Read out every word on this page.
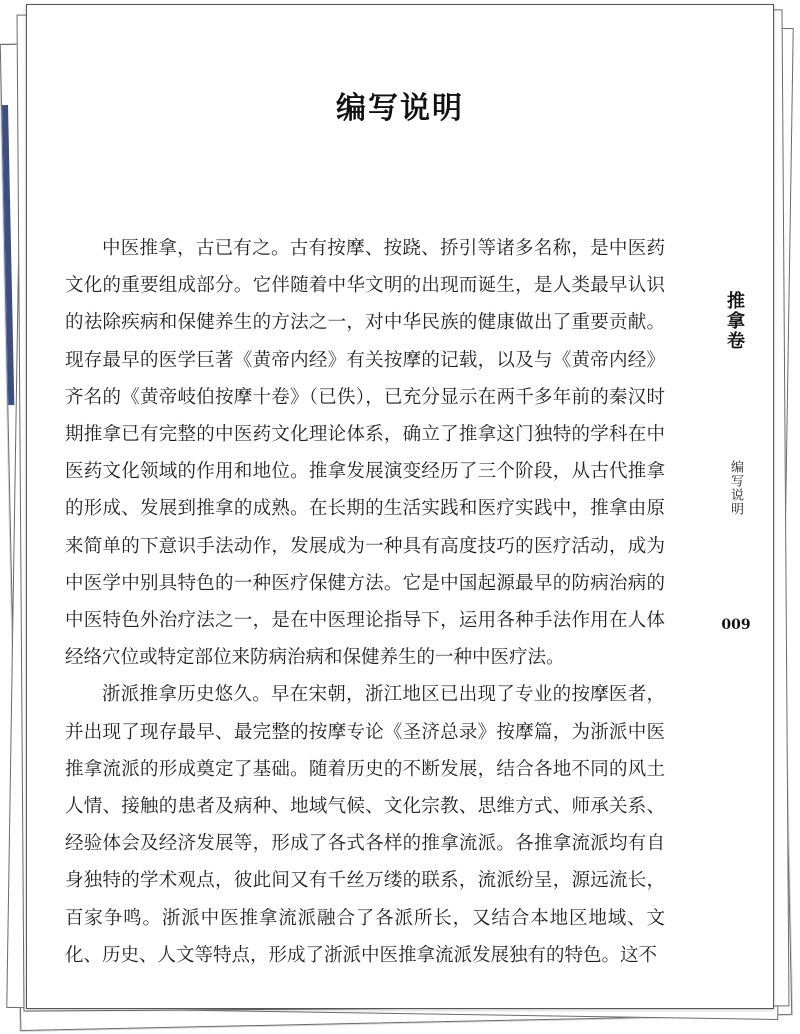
编写说明

中医推拿，古已有之。古有按摩、按跷、挢引等诸多名称，是中医药文化的重要组成部分。它伴随着中华文明的出现而诞生，是人类最早认识的祛除疾病和保健养生的方法之一，对中华民族的健康做出了重要贡献。现存最早的医学巨著《黄帝内经》有关按摩的记载，以及与《黄帝内经》齐名的《黄帝岐伯按摩十卷》（已佚），已充分显示在两千多年前的秦汉时期推拿已有完整的中医药文化理论体系，确立了推拿这门独特的学科在中医药文化领域的作用和地位。推拿发展演变经历了三个阶段，从古代推拿的形成、发展到推拿的成熟。在长期的生活实践和医疗实践中，推拿由原来简单的下意识手法动作，发展成为一种具有高度技巧的医疗活动，成为中医学中别具特色的一种医疗保健方法。它是中国起源最早的防病治病的中医特色外治疗法之一，是在中医理论指导下，运用各种手法作用在人体经络穴位或特定部位来防病治病和保健养生的一种中医疗法。

浙派推拿历史悠久。早在宋朝，浙江地区已出现了专业的按摩医者，并出现了现存最早、最完整的按摩专论《圣济总录》按摩篇，为浙派中医推拿流派的形成奠定了基础。随着历史的不断发展，结合各地不同的风土人情、接触的患者及病种、地域气候、文化宗教、思维方式、师承关系、经验体会及经济发展等，形成了各式各样的推拿流派。各推拿流派均有自身独特的学术观点，彼此间又有千丝万缕的联系，流派纷呈，源远流长，百家争鸣。浙派中医推拿流派融合了各派所长，又结合本地区地域、文化、历史、人文等特点，形成了浙派中医推拿流派发展独有的特色。这不

推拿卷
编写说明
009
